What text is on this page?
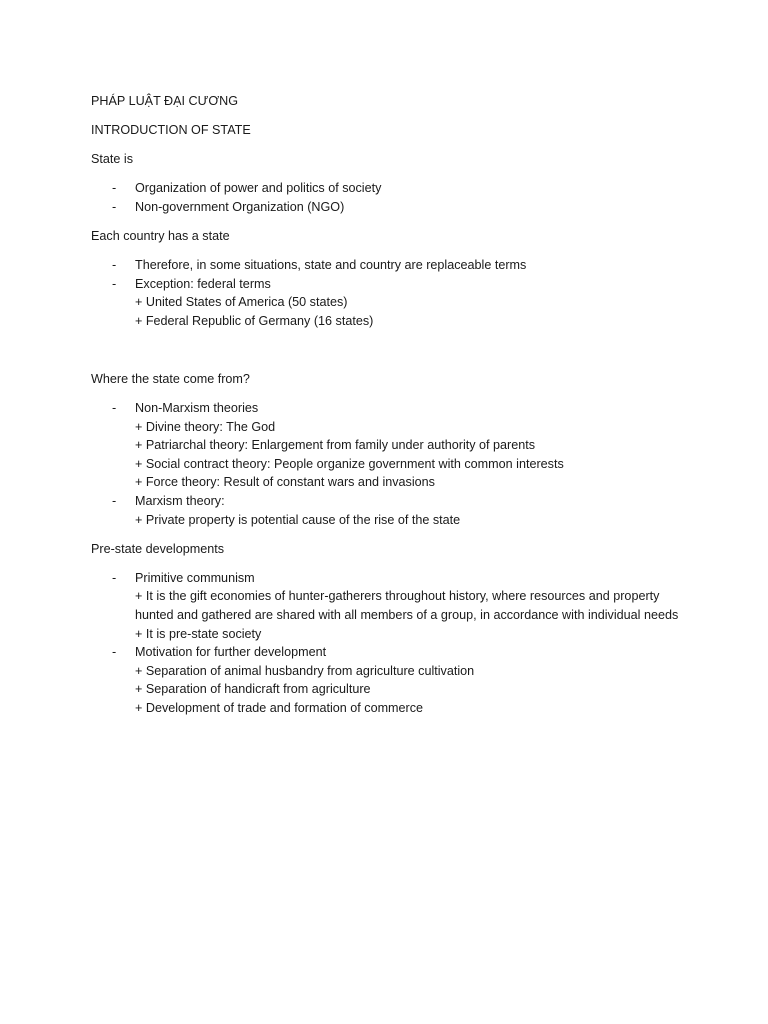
PHÁP LUẬT ĐẠI CƯƠNG

INTRODUCTION OF STATE

State is

- Organization of power and politics of society
- Non-government Organization (NGO)

Each country has a state

- Therefore, in some situations, state and country are replaceable terms
- Exception: federal terms
+ United States of America (50 states)
+ Federal Republic of Germany (16 states)

Where the state come from?

- Non-Marxism theories
+ Divine theory: The God
+ Patriarchal theory: Enlargement from family under authority of parents
+ Social contract theory: People organize government with common interests
+ Force theory: Result of constant wars and invasions
- Marxism theory:
+ Private property is potential cause of the rise of the state

Pre-state developments

- Primitive communism
+ It is the gift economies of hunter-gatherers throughout history, where resources and property hunted and gathered are shared with all members of a group, in accordance with individual needs
+ It is pre-state society
- Motivation for further development
+ Separation of animal husbandry from agriculture cultivation
+ Separation of handicraft from agriculture
+ Development of trade and formation of commerce
